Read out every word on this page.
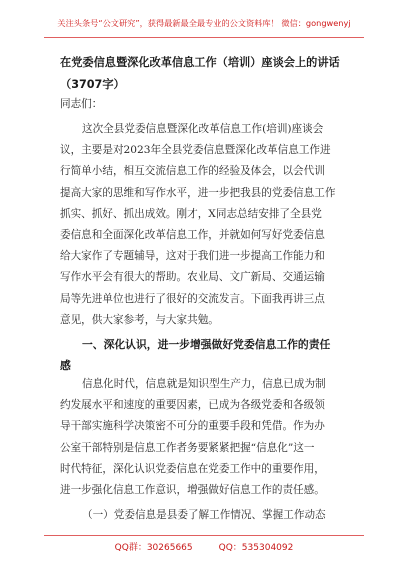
关注头条号“公文研究”，获得最新最全最专业的公文资料库！ 微信：gongwenyj
在党委信息暨深化改革信息工作（培训）座谈会上的讲话
（3707字）
同志们：
这次全县党委信息暨深化改革信息工作(培训)座谈会
议，主要是对2023年全县党委信息暨深化改革信息工作进
行简单小结，相互交流信息工作的经验及体会，以会代训
提高大家的思维和写作水平，进一步把我县的党委信息工作
抓实、抓好、抓出成效。刚才，X同志总结安排了全县党
委信息和全面深化改革信息工作，并就如何写好党委信息
给大家作了专题辅导，这对于我们进一步提高工作能力和
写作水平会有很大的帮助。农业局、文广新局、交通运输
局等先进单位也进行了很好的交流发言。下面我再讲三点
意见，供大家参考，与大家共勉。
一、深化认识，进一步增强做好党委信息工作的责任
感
信息化时代，信息就是知识型生产力，信息已成为制
约发展水平和速度的重要因素，已成为各级党委和各级领
导干部实施科学决策密不可分的重要手段和凭借。作为办
公室干部特别是信息工作者务要紧紧把握“信息化”这一
时代特征，深化认识党委信息在党委工作中的重要作用，
进一步强化信息工作意识，增强做好信息工作的责任感。
（一）党委信息是县委了解工作情况、掌握工作动态
QQ群：30265665	QQ：535304092
